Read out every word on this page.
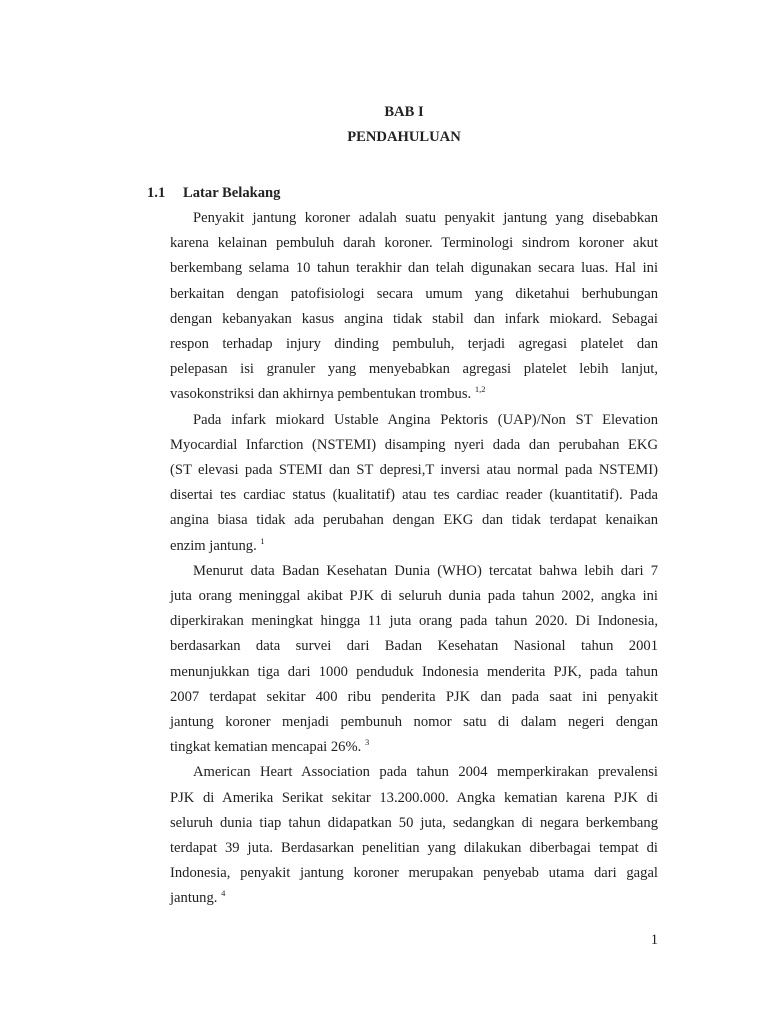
BAB I
PENDAHULUAN
1.1 Latar Belakang
Penyakit jantung koroner adalah suatu penyakit jantung yang disebabkan
karena kelainan pembuluh darah koroner. Terminologi sindrom koroner akut
berkembang selama 10 tahun terakhir dan telah digunakan secara luas. Hal ini
berkaitan dengan patofisiologi secara umum yang diketahui berhubungan
dengan kebanyakan kasus angina tidak stabil dan infark miokard. Sebagai
respon terhadap injury dinding pembuluh, terjadi agregasi platelet dan
pelepasan isi granuler yang menyebabkan agregasi platelet lebih lanjut,
vasokonstriksi dan akhirnya pembentukan trombus. $^{1,2}$
Pada infark miokard Ustable Angina Pektoris (UAP)/Non ST Elevation
Myocardial Infarction (NSTEMI) disamping nyeri dada dan perubahan EKG
(ST elevasi pada STEMI dan ST depresi,T inversi atau normal pada NSTEMI)
disertai tes cardiac status (kualitatif) atau tes cardiac reader (kuantitatif). Pada
angina biasa tidak ada perubahan dengan EKG dan tidak terdapat kenaikan
enzim jantung. $^1$
Menurut data Badan Kesehatan Dunia (WHO) tercatat bahwa lebih dari 7
juta orang meninggal akibat PJK di seluruh dunia pada tahun 2002, angka ini
diperkirakan meningkat hingga 11 juta orang pada tahun 2020. Di Indonesia,
berdasarkan data survei dari Badan Kesehatan Nasional tahun 2001
menunjukkan tiga dari 1000 penduduk Indonesia menderita PJK, pada tahun
2007 terdapat sekitar 400 ribu penderita PJK dan pada saat ini penyakit
jantung koroner menjadi pembunuh nomor satu di dalam negeri dengan
tingkat kematian mencapai 26%. $^3$
American Heart Association pada tahun 2004 memperkirakan prevalensi
PJK di Amerika Serikat sekitar 13.200.000. Angka kematian karena PJK di
seluruh dunia tiap tahun didapatkan 50 juta, sedangkan di negara berkembang
terdapat 39 juta. Berdasarkan penelitian yang dilakukan diberbagai tempat di
Indonesia, penyakit jantung koroner merupakan penyebab utama dari gagal
jantung. $^4$
1
